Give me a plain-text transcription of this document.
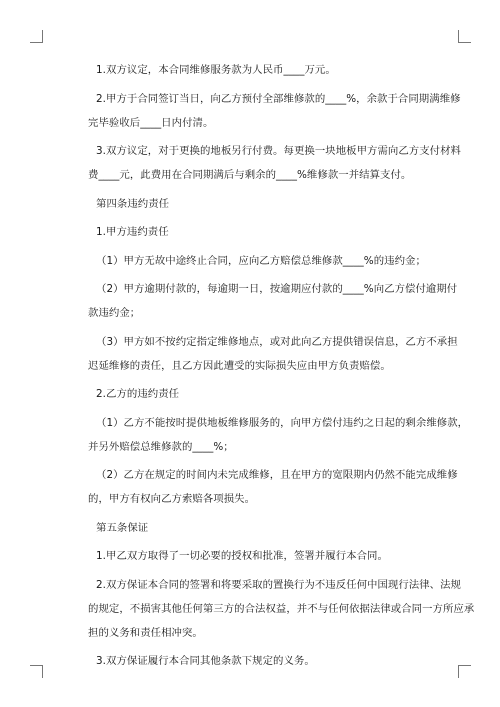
1.双方议定，本合同维修服务款为人民币____万元。

2.甲方于合同签订当日，向乙方预付全部维修款的____%，余款于合同期满维修
完毕验收后____日内付清。

3.双方议定，对于更换的地板另行付费。每更换一块地板甲方需向乙方支付材料
费____元，此费用在合同期满后与剩余的____%维修款一并结算支付。

第四条违约责任

1.甲方违约责任

（1）甲方无故中途终止合同，应向乙方赔偿总维修款____%的违约金；

（2）甲方逾期付款的，每逾期一日，按逾期应付款的____%向乙方偿付逾期付
款违约金；

（3）甲方如不按约定指定维修地点，或对此向乙方提供错误信息，乙方不承担
迟延维修的责任，且乙方因此遭受的实际损失应由甲方负责赔偿。

2.乙方的违约责任

（1）乙方不能按时提供地板维修服务的，向甲方偿付违约之日起的剩余维修款，
并另外赔偿总维修款的____%；

（2）乙方在规定的时间内未完成维修，且在甲方的宽限期内仍然不能完成维修
的，甲方有权向乙方索赔各项损失。

第五条保证

1.甲乙双方取得了一切必要的授权和批准，签署并履行本合同。

2.双方保证本合同的签署和将要采取的置换行为不违反任何中国现行法律、法规
的规定，不损害其他任何第三方的合法权益，并不与任何依据法律或合同一方所应承
担的义务和责任相冲突。

3.双方保证履行本合同其他条款下规定的义务。
